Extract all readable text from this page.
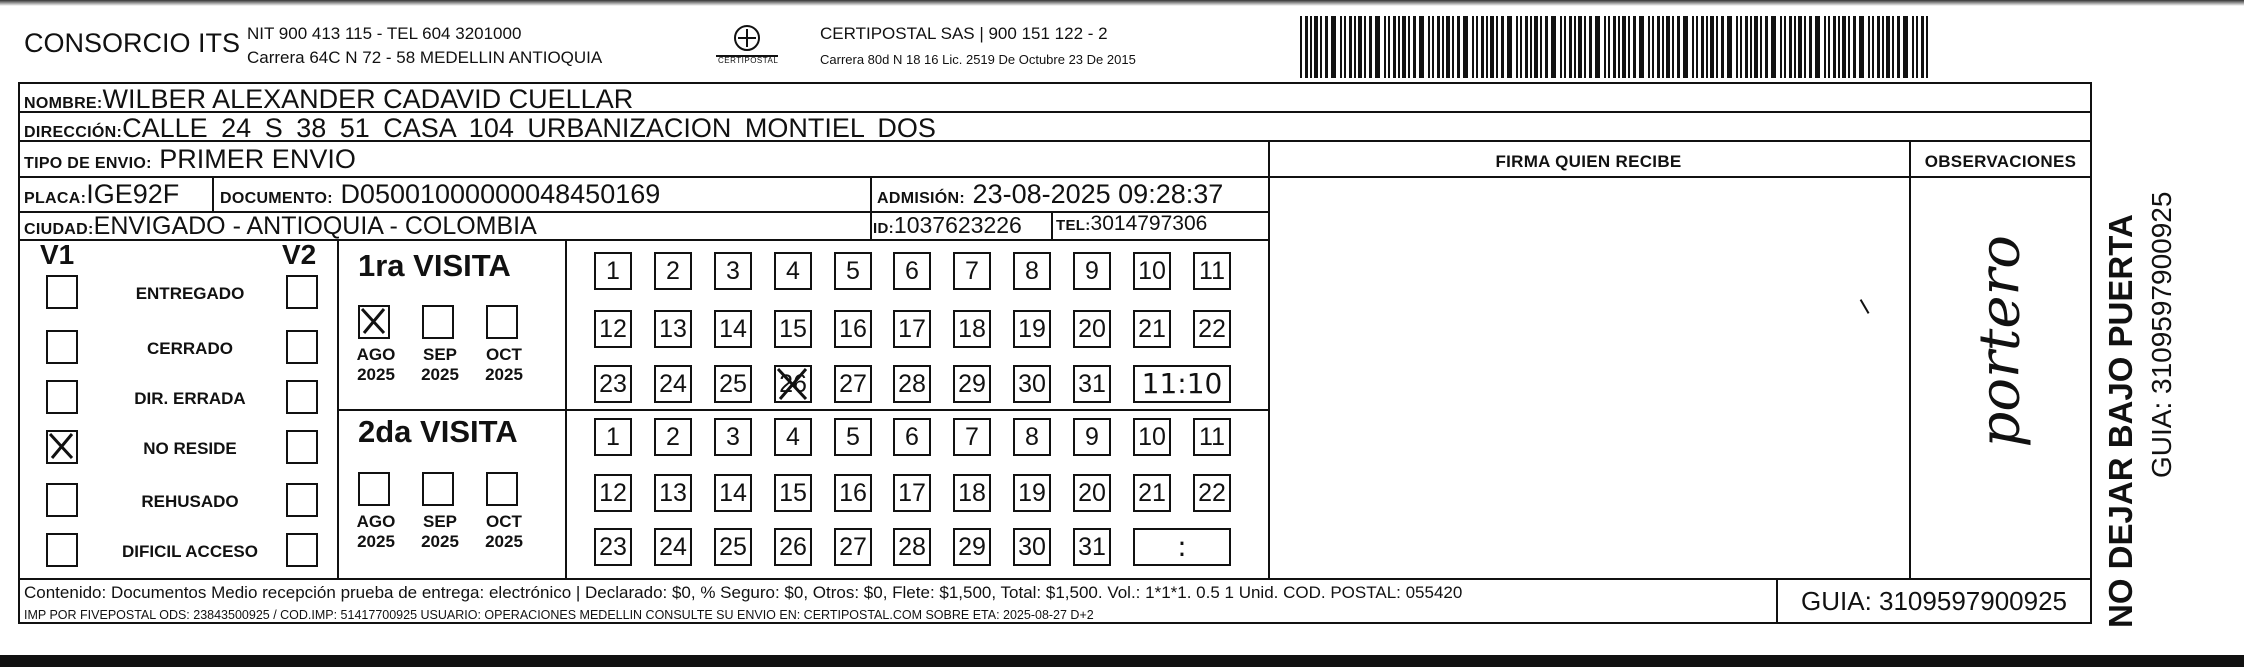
CONSORCIO ITS NIT 900 413 115 - TEL 604 3201000
Carrera 64C N 72 - 58 MEDELLIN ANTIOQUIA	CERTIPOSTAL
CERTIPOSTAL SAS | 900 151 122 - 2
Carrera 80d N 18 16 Lic. 2519 De Octubre 23 De 2015
NOMBRE:WILBER ALEXANDER CADAVID CUELLAR
DIRECCIÓN:CALLE 24 S 38 51 CASA 104 URBANIZACION MONTIEL DOS
TIPO DE ENVIO: PRIMER ENVIO	FIRMA QUIEN RECIBE	OBSERVACIONES
PLACA:IGE92F	DOCUMENTO: D05001000000048450169	ADMISIÓN: 23-08-2025 09:28:37
CIUDAD:ENVIGADO - ANTIOQUIA - COLOMBIA	ID:1037623226 TEL:3014797306
V1	V2
ENTREGADO
CERRADO
DIR. ERRADA
NO RESIDE
REHUSADO
DIFICIL ACCESO
1ra VISITA
AGO
2025
SEP
2025
OCT
2025
1	2	3	4	5	6	7	8	9	10 11
12 13 14 15 16 17 18 19 20 21 22
23 24 25 26 27 28 29 30 31	11:10
2da VISITA
AGO
2025
SEP
2025
OCT
2025
1	2	3	4	5	6	7	8	9	10 11
12 13 14 15 16 17 18 19 20 21 22
23 24 25 26 27 28 29 30 31	:
portero
Contenido: Documentos Medio recepción prueba de entrega: electrónico | Declarado: $0, % Seguro: $0, Otros: $0, Flete: $1,500, Total: $1,500. Vol.: 1*1*1. 0.5 1 Unid. COD. POSTAL: 055420
IMP POR FIVEPOSTAL ODS: 23843500925 / COD.IMP: 51417700925 USUARIO: OPERACIONES MEDELLIN CONSULTE SU ENVIO EN: CERTIPOSTAL.COM SOBRE ETA: 2025-08-27 D+2	GUIA: 3109597900925	NO DEJAR BAJO PUERTA GUIA: 3109597900925
